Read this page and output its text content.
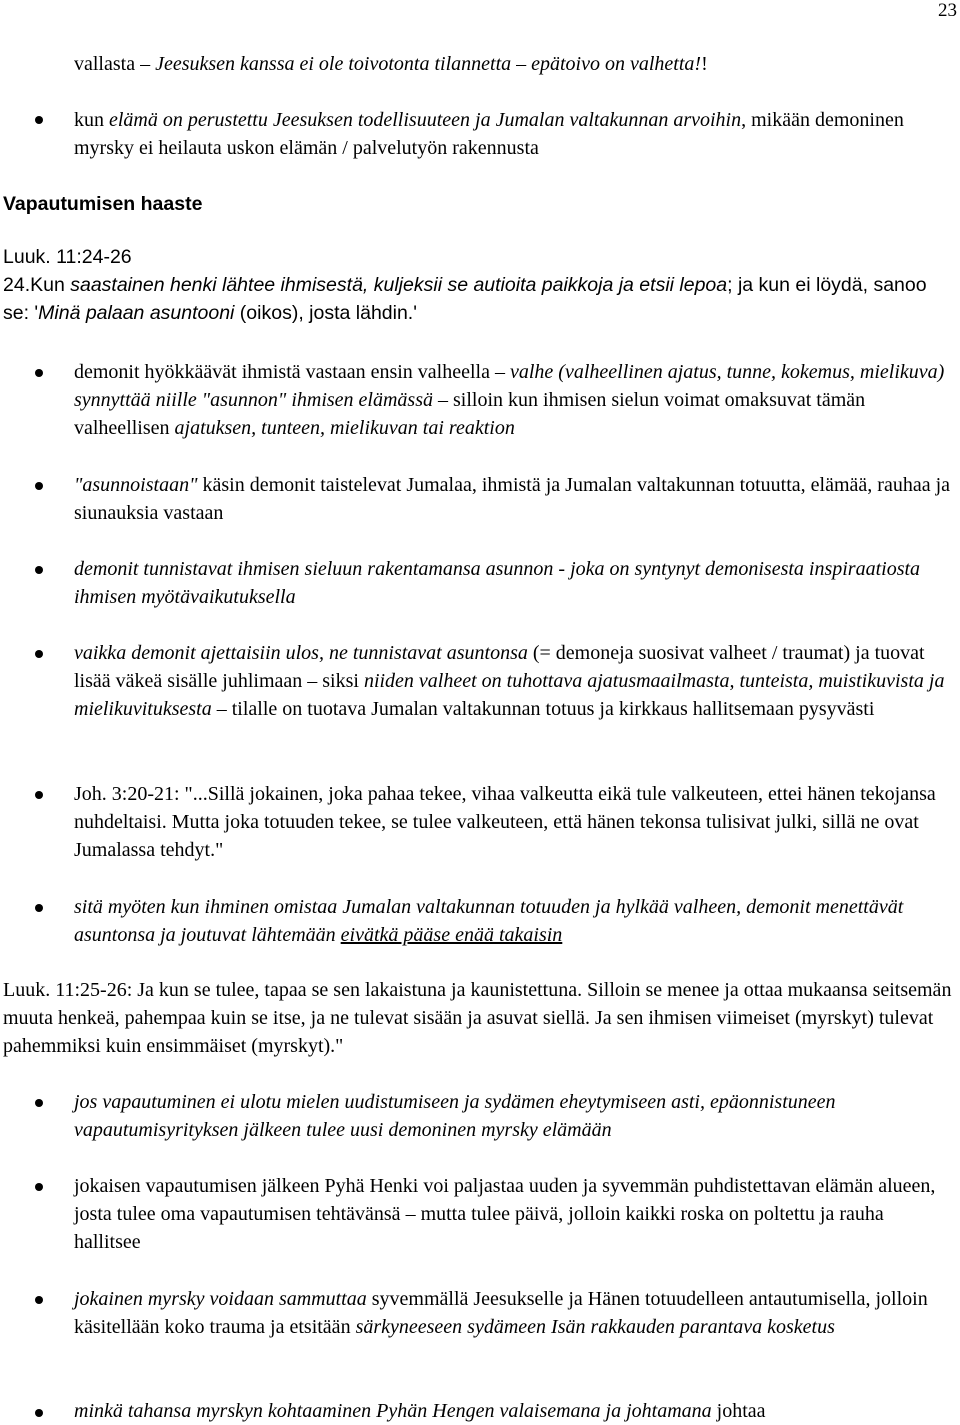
23

vallasta – Jeesuksen kanssa ei ole toivotonta tilannetta – epätoivo on valhetta!!

kun elämä on perustettu Jeesuksen todellisuuteen ja Jumalan valtakunnan arvoihin, mikään demoninen myrsky ei heilauta uskon elämän / palvelutyön rakennusta

Vapautumisen haaste

Luuk. 11:24-26
24.Kun saastainen henki lähtee ihmisestä, kuljeksii se autioita paikkoja ja etsii lepoa; ja kun ei löydä, sanoo se: 'Minä palaan asuntooni (oikos), josta lähdin.'

demonit hyökkäävät ihmistä vastaan ensin valheella – valhe (valheellinen ajatus, tunne, kokemus, mielikuva) synnyttää niille "asunnon" ihmisen elämässä – silloin kun ihmisen sielun voimat omaksuvat tämän valheellisen ajatuksen, tunteen, mielikuvan tai reaktion

"asunnoistaan" käsin demonit taistelevat Jumalaa, ihmistä ja Jumalan valtakunnan totuutta, elämää, rauhaa ja siunauksia vastaan

demonit tunnistavat ihmisen sieluun rakentamansa asunnon - joka on syntynyt demonisesta inspiraatiosta ihmisen myötävaikutuksella

vaikka demonit ajettaisiin ulos, ne tunnistavat asuntonsa (= demoneja suosivat valheet / traumat) ja tuovat lisää väkeä sisälle juhlimaan – siksi niiden valheet on tuhottava ajatusmaailmasta, tunteista, muistikuvista ja mielikuvituksesta – tilalle on tuotava Jumalan valtakunnan totuus ja kirkkaus hallitsemaan pysyvästi

Joh. 3:20-21: "...Sillä jokainen, joka pahaa tekee, vihaa valkeutta eikä tule valkeuteen, ettei hänen tekojansa nuhdeltaisi. Mutta joka totuuden tekee, se tulee valkeuteen, että hänen tekonsa tulisivat julki, sillä ne ovat Jumalassa tehdyt."

sitä myöten kun ihminen omistaa Jumalan valtakunnan totuuden ja hylkää valheen, demonit menettävät asuntonsa ja joutuvat lähtemään eivätkä pääse enää takaisin

Luuk. 11:25-26: Ja kun se tulee, tapaa se sen lakaistuna ja kaunistettuna. Silloin se menee ja ottaa mukaansa seitsemän muuta henkeä, pahempaa kuin se itse, ja ne tulevat sisään ja asuvat siellä. Ja sen ihmisen viimeiset (myrskyt) tulevat pahemmiksi kuin ensimmäiset (myrskyt)."

jos vapautuminen ei ulotu mielen uudistumiseen ja sydämen eheytymiseen asti, epäonnistuneen vapautumisyrityksen jälkeen tulee uusi demoninen myrsky elämään

jokaisen vapautumisen jälkeen Pyhä Henki voi paljastaa uuden ja syvemmän puhdistettavan elämän alueen, josta tulee oma vapautumisen tehtävänsä – mutta tulee päivä, jolloin kaikki roska on poltettu ja rauha hallitsee

jokainen myrsky voidaan sammuttaa syvemmällä Jeesukselle ja Hänen totuudelleen antautumisella, jolloin käsitellään koko trauma ja etsitään särkyneeseen sydämeen Isän rakkauden parantava kosketus

minkä tahansa myrskyn kohtaaminen Pyhän Hengen valaisemana ja johtamana johtaa
